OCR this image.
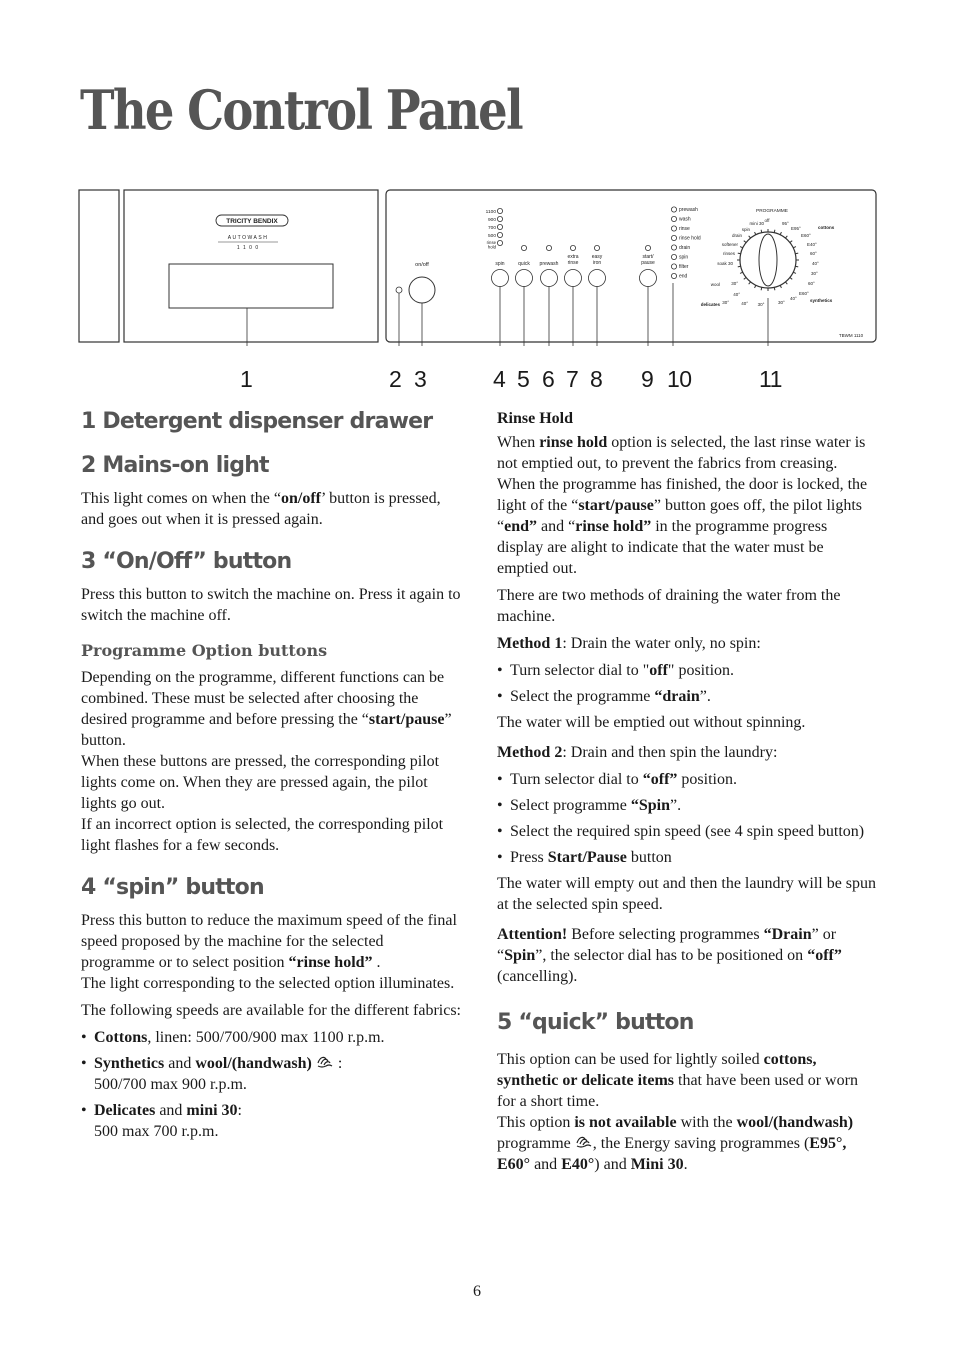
The Control Panel
TRICITY BENDIX
AUTOWASH
1 1 0 0
on/off
1100
900
700
500
rinse
hold
spin	quick prewash
extra
rinse
easy
iron
start/
pause
prewash
wash
rinse
rinse hold
drain
spin
filter
end
PROGRAMME
off
mini 30
spin
drain
softener
rinses
soak 30
wool
delicates
cottons
synthetics
95°
E95°
E60°
E40°
60°
40°
30°
60°
E60°
40°
30°
30°
40°
40°
30°
30°
TBWM 1110
1	2 3	4 5 6 7 8 9 10	11
1 Detergent dispenser drawer
2 Mains-on light

This light comes on when the “on/off’ button is pressed, and goes out when it is pressed again.

3 “On/Off” button

Press this button to switch the machine on. Press it again to switch the machine off.

Programme Option buttons

Depending on the programme, different functions can be combined. These must be selected after choosing the desired programme and before pressing the “start/pause” button.

When these buttons are pressed, the corresponding pilot lights come on. When they are pressed again, the pilot lights go out.

If an incorrect option is selected, the corresponding pilot light flashes for a few seconds.

4 “spin” button

Press this button to reduce the maximum speed of the final speed proposed by the machine for the selected programme or to select position “rinse hold” .

The light corresponding to the selected option illuminates.

The following speeds are available for the different fabrics:

• Cottons, linen: 500/700/900 max 1100 r.p.m.
• Synthetics and wool/(handwash)  :
500/700 max 900 r.p.m.
• Delicates and mini 30:
500 max 700 r.p.m.
Rinse Hold

When rinse hold option is selected, the last rinse water is not emptied out, to prevent the fabrics from creasing. When the programme has finished, the door is locked, the light of the “start/pause” button goes off, the pilot lights “end” and “rinse hold” in the programme progress display are alight to indicate that the water must be emptied out.

There are two methods of draining the water from the machine.

Method 1: Drain the water only, no spin:

• Turn selector dial to "off" position.
• Select the programme “drain”.

The water will be emptied out without spinning.

Method 2: Drain and then spin the laundry:

• Turn selector dial to “off” position.
• Select programme “Spin”.
• Select the required spin speed (see 4 spin speed button)
• Press Start/Pause button

The water will empty out and then the laundry will be spun at the selected spin speed.

Attention! Before selecting programmes “Drain” or “Spin”, the selector dial has to be positioned on “off” (cancelling).

5 “quick” button

This option can be used for lightly soiled cottons, synthetic or delicate items that have been used or worn for a short time.

This option is not available with the wool/(handwash) programme , the Energy saving programmes (E95°, E60° and E40°) and Mini 30.

6
